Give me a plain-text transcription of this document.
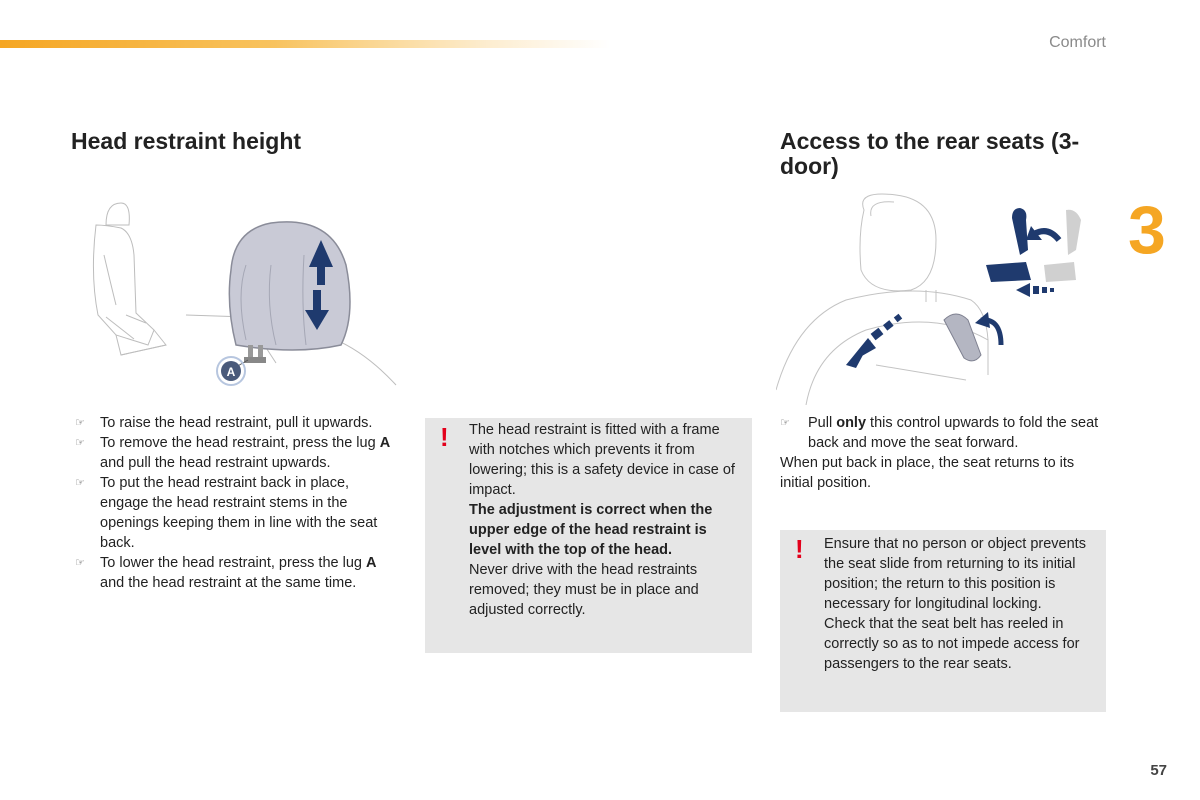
Comfort
3
Head restraint height	Access to the rear seats (3-door)
A
☞ To raise the head restraint, pull it upwards.
☞ To remove the head restraint, press the lug A and pull the head restraint upwards.
☞ To put the head restraint back in place, engage the head restraint stems in the openings keeping them in line with the seat back.
☞ To lower the head restraint, press the lug A and the head restraint at the same time.
! The head restraint is fitted with a frame with notches which prevents it from lowering; this is a safety device in case of impact.

The adjustment is correct when the upper edge of the head restraint is level with the top of the head.

Never drive with the head restraints removed; they must be in place and adjusted correctly.

☞ Pull only this control upwards to fold the seat back and move the seat forward.

When put back in place, the seat returns to its initial position.

! Ensure that no person or object prevents the seat slide from returning to its initial position; the return to this position is necessary for longitudinal locking.

Check that the seat belt has reeled in correctly so as to not impede access for passengers to the rear seats.

57
